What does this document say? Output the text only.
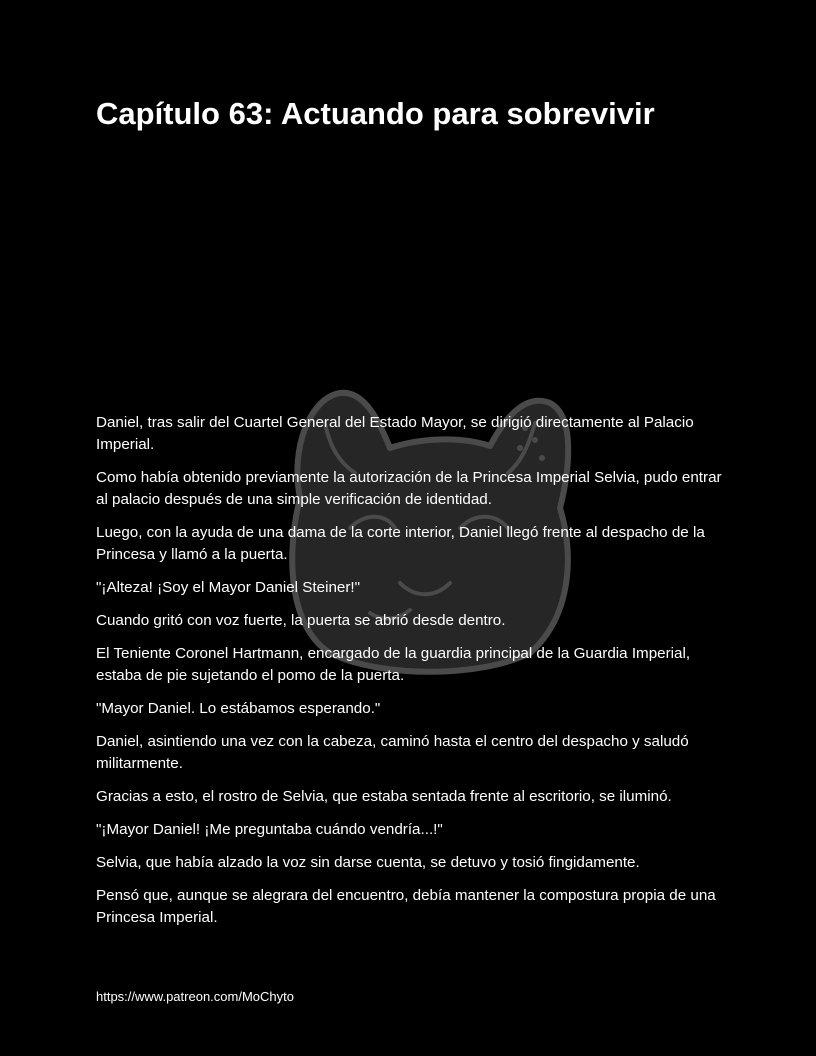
Capítulo 63: Actuando para sobrevivir

Daniel, tras salir del Cuartel General del Estado Mayor, se dirigió directamente al Palacio Imperial.

Como había obtenido previamente la autorización de la Princesa Imperial Selvia, pudo entrar al palacio después de una simple verificación de identidad.

Luego, con la ayuda de una dama de la corte interior, Daniel llegó frente al despacho de la Princesa y llamó a la puerta.

"¡Alteza! ¡Soy el Mayor Daniel Steiner!"

Cuando gritó con voz fuerte, la puerta se abrió desde dentro.

El Teniente Coronel Hartmann, encargado de la guardia principal de la Guardia Imperial, estaba de pie sujetando el pomo de la puerta.

"Mayor Daniel. Lo estábamos esperando."

Daniel, asintiendo una vez con la cabeza, caminó hasta el centro del despacho y saludó militarmente.

Gracias a esto, el rostro de Selvia, que estaba sentada frente al escritorio, se iluminó.

"¡Mayor Daniel! ¡Me preguntaba cuándo vendría...!"

Selvia, que había alzado la voz sin darse cuenta, se detuvo y tosió fingidamente.

Pensó que, aunque se alegrara del encuentro, debía mantener la compostura propia de una Princesa Imperial.

https://www.patreon.com/MoChyto
